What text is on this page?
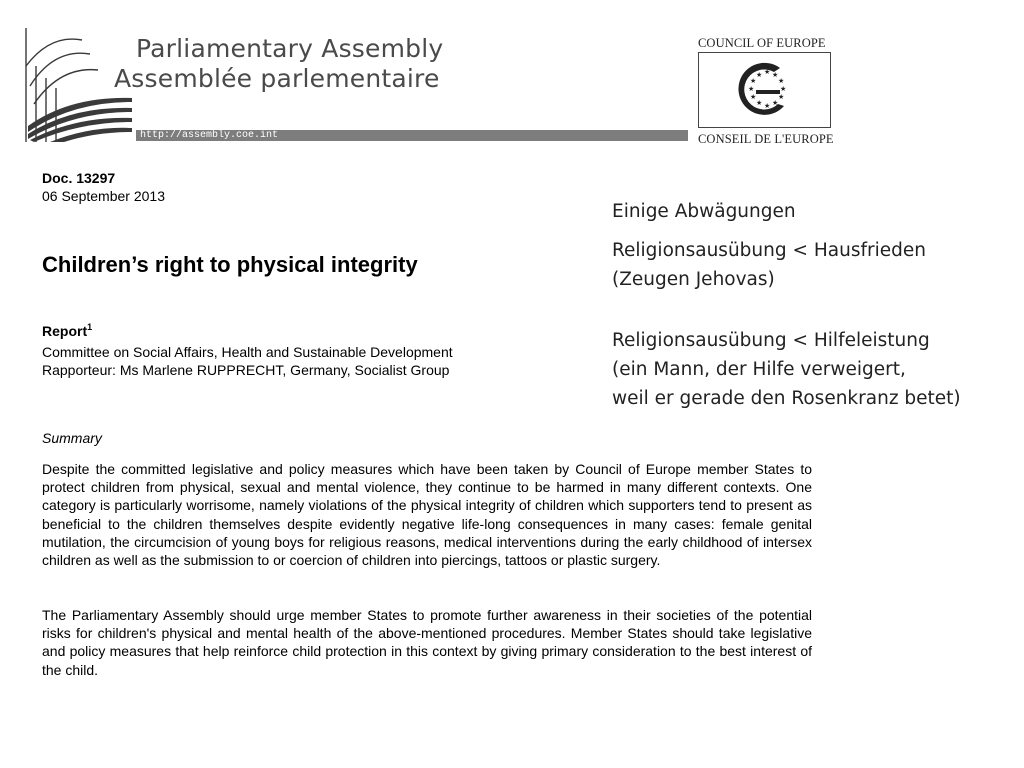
Parliamentary Assembly
Assemblée parlementaire
http://assembly.coe.int
COUNCIL OF EUROPE
★ ★
★
★
★
★
★
★
★
★
★
★
CONSEIL DE L'EUROPE
Doc. 13297
06 September 2013
Children’s right to physical integrity
Report$^1$
Committee on Social Affairs, Health and Sustainable Development
Rapporteur: Ms Marlene RUPPRECHT, Germany, Socialist Group
Summary
Despite the committed legislative and policy measures which have been taken by Council of Europe member States to protect children from physical, sexual and mental violence, they continue to be harmed in many different contexts. One category is particularly worrisome, namely violations of the physical integrity of children which supporters tend to present as beneficial to the children themselves despite evidently negative life-long consequences in many cases: female genital mutilation, the circumcision of young boys for religious reasons, medical interventions during the early childhood of intersex children as well as the submission to or coercion of children into piercings, tattoos or plastic surgery.
The Parliamentary Assembly should urge member States to promote further awareness in their societies of the potential risks for children's physical and mental health of the above-mentioned procedures. Member States should take legislative and policy measures that help reinforce child protection in this context by giving primary consideration to the best interest of the child.
Einige Abwägungen
Religionsausübung < Hausfrieden
(Zeugen Jehovas)
Religionsausübung < Hilfeleistung
(ein Mann, der Hilfe verweigert,
weil er gerade den Rosenkranz betet)
